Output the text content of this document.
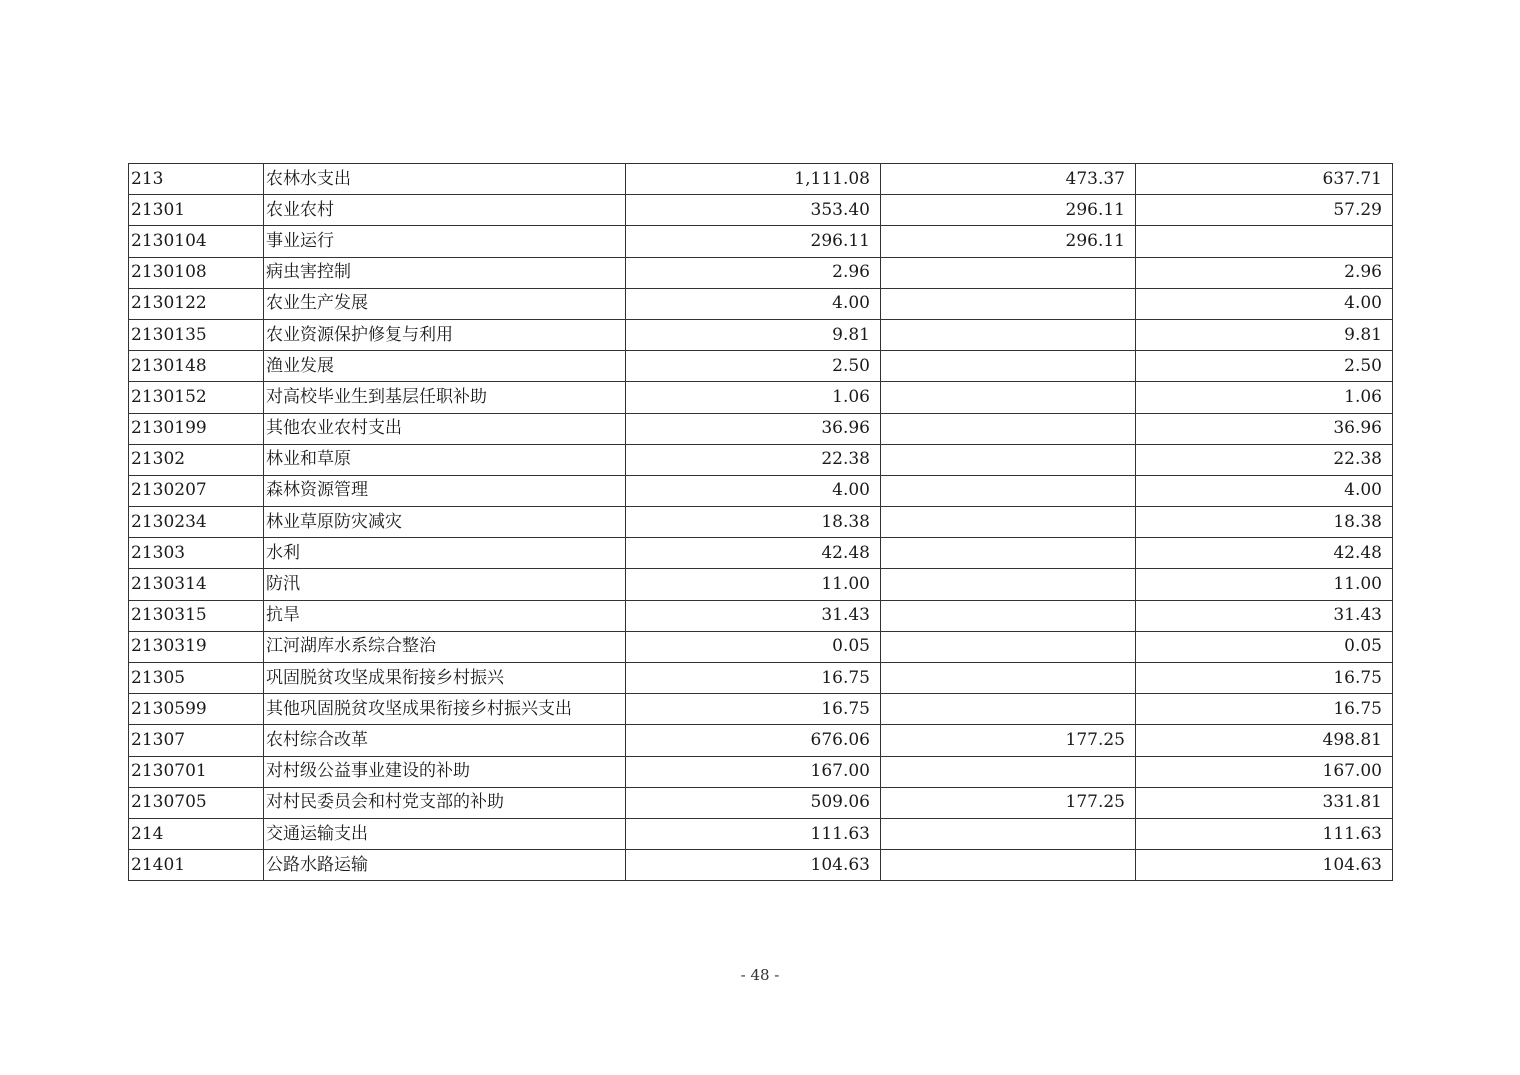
213	农林水支出	1,111.08	473.37	637.71
21301	农业农村	353.40	296.11	57.29
2130104	事业运行	296.11	296.11	
2130108	病虫害控制	2.96		2.96
2130122	农业生产发展	4.00		4.00
2130135	农业资源保护修复与利用	9.81		9.81
2130148	渔业发展	2.50		2.50
2130152	对高校毕业生到基层任职补助	1.06		1.06
2130199	其他农业农村支出	36.96		36.96
21302	林业和草原	22.38		22.38
2130207	森林资源管理	4.00		4.00
2130234	林业草原防灾减灾	18.38		18.38
21303	水利	42.48		42.48
2130314	防汛	11.00		11.00
2130315	抗旱	31.43		31.43
2130319	江河湖库水系综合整治	0.05		0.05
21305	巩固脱贫攻坚成果衔接乡村振兴	16.75		16.75
2130599	其他巩固脱贫攻坚成果衔接乡村振兴支出	16.75		16.75
21307	农村综合改革	676.06	177.25	498.81
2130701	对村级公益事业建设的补助	167.00		167.00
2130705	对村民委员会和村党支部的补助	509.06	177.25	331.81
214	交通运输支出	111.63		111.63
21401	公路水路运输	104.63		104.63
- 48 -
